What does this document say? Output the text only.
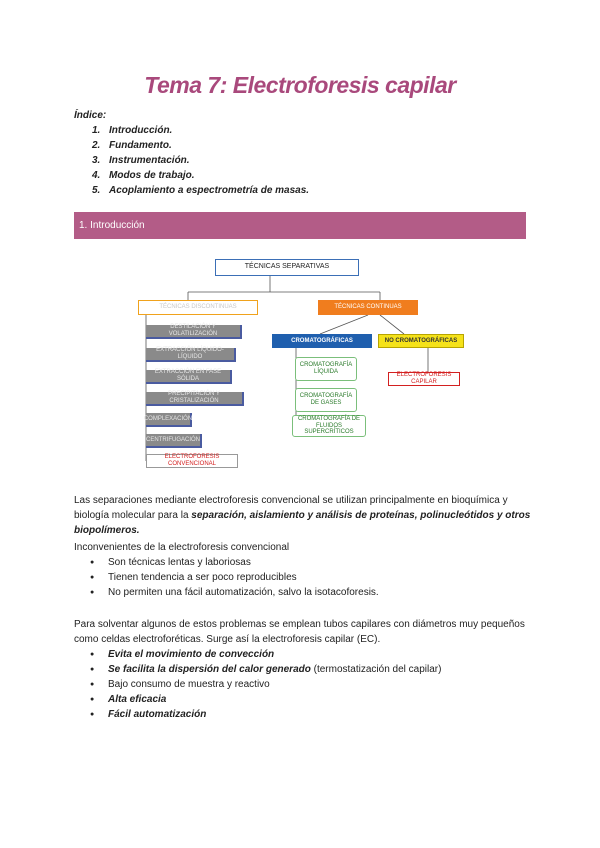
Tema 7: Electroforesis capilar
Índice:
1. Introducción.
2. Fundamento.
3. Instrumentación.
4. Modos de trabajo.
5. Acoplamiento a espectrometría de masas.
1. Introducción
TÉCNICAS SEPARATIVAS
TÉCNICAS DISCONTINUAS	TÉCNICAS CONTINUAS
CROMATOGRÁFICAS	NO CROMATOGRÁFICAS
DESTILACIÓN Y VOLATILIZACIÓN
EXTRACCIÓN LÍQUIDO-LÍQUIDO
EXTRACCIÓN EN FASE SÓLIDA
PRECIPITACIÓN Y CRISTALIZACIÓN
COMPLEXACIÓN
CENTRIFUGACIÓN
ELECTROFORESIS CONVENCIONAL
CROMATOGRAFÍA LÍQUIDA
CROMATOGRAFÍA DE GASES
CROMATOGRAFÍA DE FLUIDOS SUPERCRÍTICOS
ELECTROFORESIS CAPILAR

Las separaciones mediante electroforesis convencional se utilizan principalmente en bioquímica y biología molecular para la separación, aislamiento y análisis de proteínas, polinucleótidos y otros biopolímeros.

Inconvenientes de la electroforesis convencional
● Son técnicas lentas y laboriosas
● Tienen tendencia a ser poco reproducibles
● No permiten una fácil automatización, salvo la isotacoforesis.

Para solventar algunos de estos problemas se emplean tubos capilares con diámetros muy pequeños como celdas electroforéticas. Surge así la electroforesis capilar (EC).

● Evita el movimiento de convección
● Se facilita la dispersión del calor generado (termostatización del capilar)
● Bajo consumo de muestra y reactivo
● Alta eficacia
● Fácil automatización
